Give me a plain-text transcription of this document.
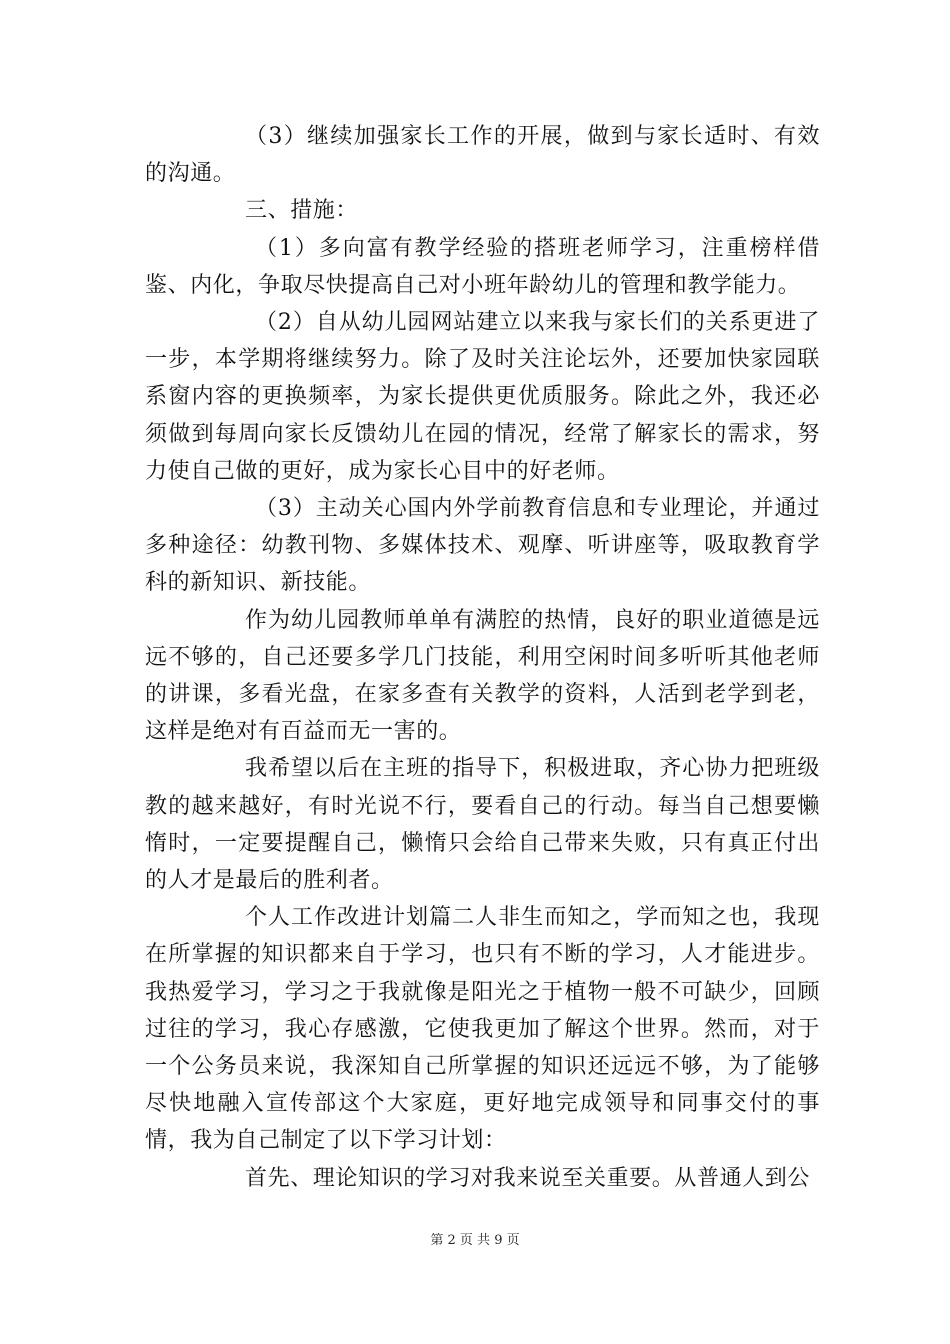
（3）继续加强家长工作的开展，做到与家长适时、有效的沟通。

三、措施：

（1）多向富有教学经验的搭班老师学习，注重榜样借鉴、内化，争取尽快提高自己对小班年龄幼儿的管理和教学能力。

（2）自从幼儿园网站建立以来我与家长们的关系更进了一步，本学期将继续努力。除了及时关注论坛外，还要加快家园联系窗内容的更换频率，为家长提供更优质服务。除此之外，我还必须做到每周向家长反馈幼儿在园的情况，经常了解家长的需求，努力使自己做的更好，成为家长心目中的好老师。

（3）主动关心国内外学前教育信息和专业理论，并通过多种途径：幼教刊物、多媒体技术、观摩、听讲座等，吸取教育学科的新知识、新技能。

作为幼儿园教师单单有满腔的热情，良好的职业道德是远远不够的，自己还要多学几门技能，利用空闲时间多听听其他老师的讲课，多看光盘，在家多查有关教学的资料，人活到老学到老，这样是绝对有百益而无一害的。

我希望以后在主班的指导下，积极进取，齐心协力把班级教的越来越好，有时光说不行，要看自己的行动。每当自己想要懒惰时，一定要提醒自己，懒惰只会给自己带来失败，只有真正付出的人才是最后的胜利者。

个人工作改进计划篇二人非生而知之，学而知之也，我现在所掌握的知识都来自于学习，也只有不断的学习，人才能进步。我热爱学习，学习之于我就像是阳光之于植物一般不可缺少，回顾过往的学习，我心存感激，它使我更加了解这个世界。然而，对于一个公务员来说，我深知自己所掌握的知识还远远不够，为了能够尽快地融入宣传部这个大家庭，更好地完成领导和同事交付的事情，我为自己制定了以下学习计划：

首先、理论知识的学习对我来说至关重要。从普通人到公

第 2 页 共 9 页
